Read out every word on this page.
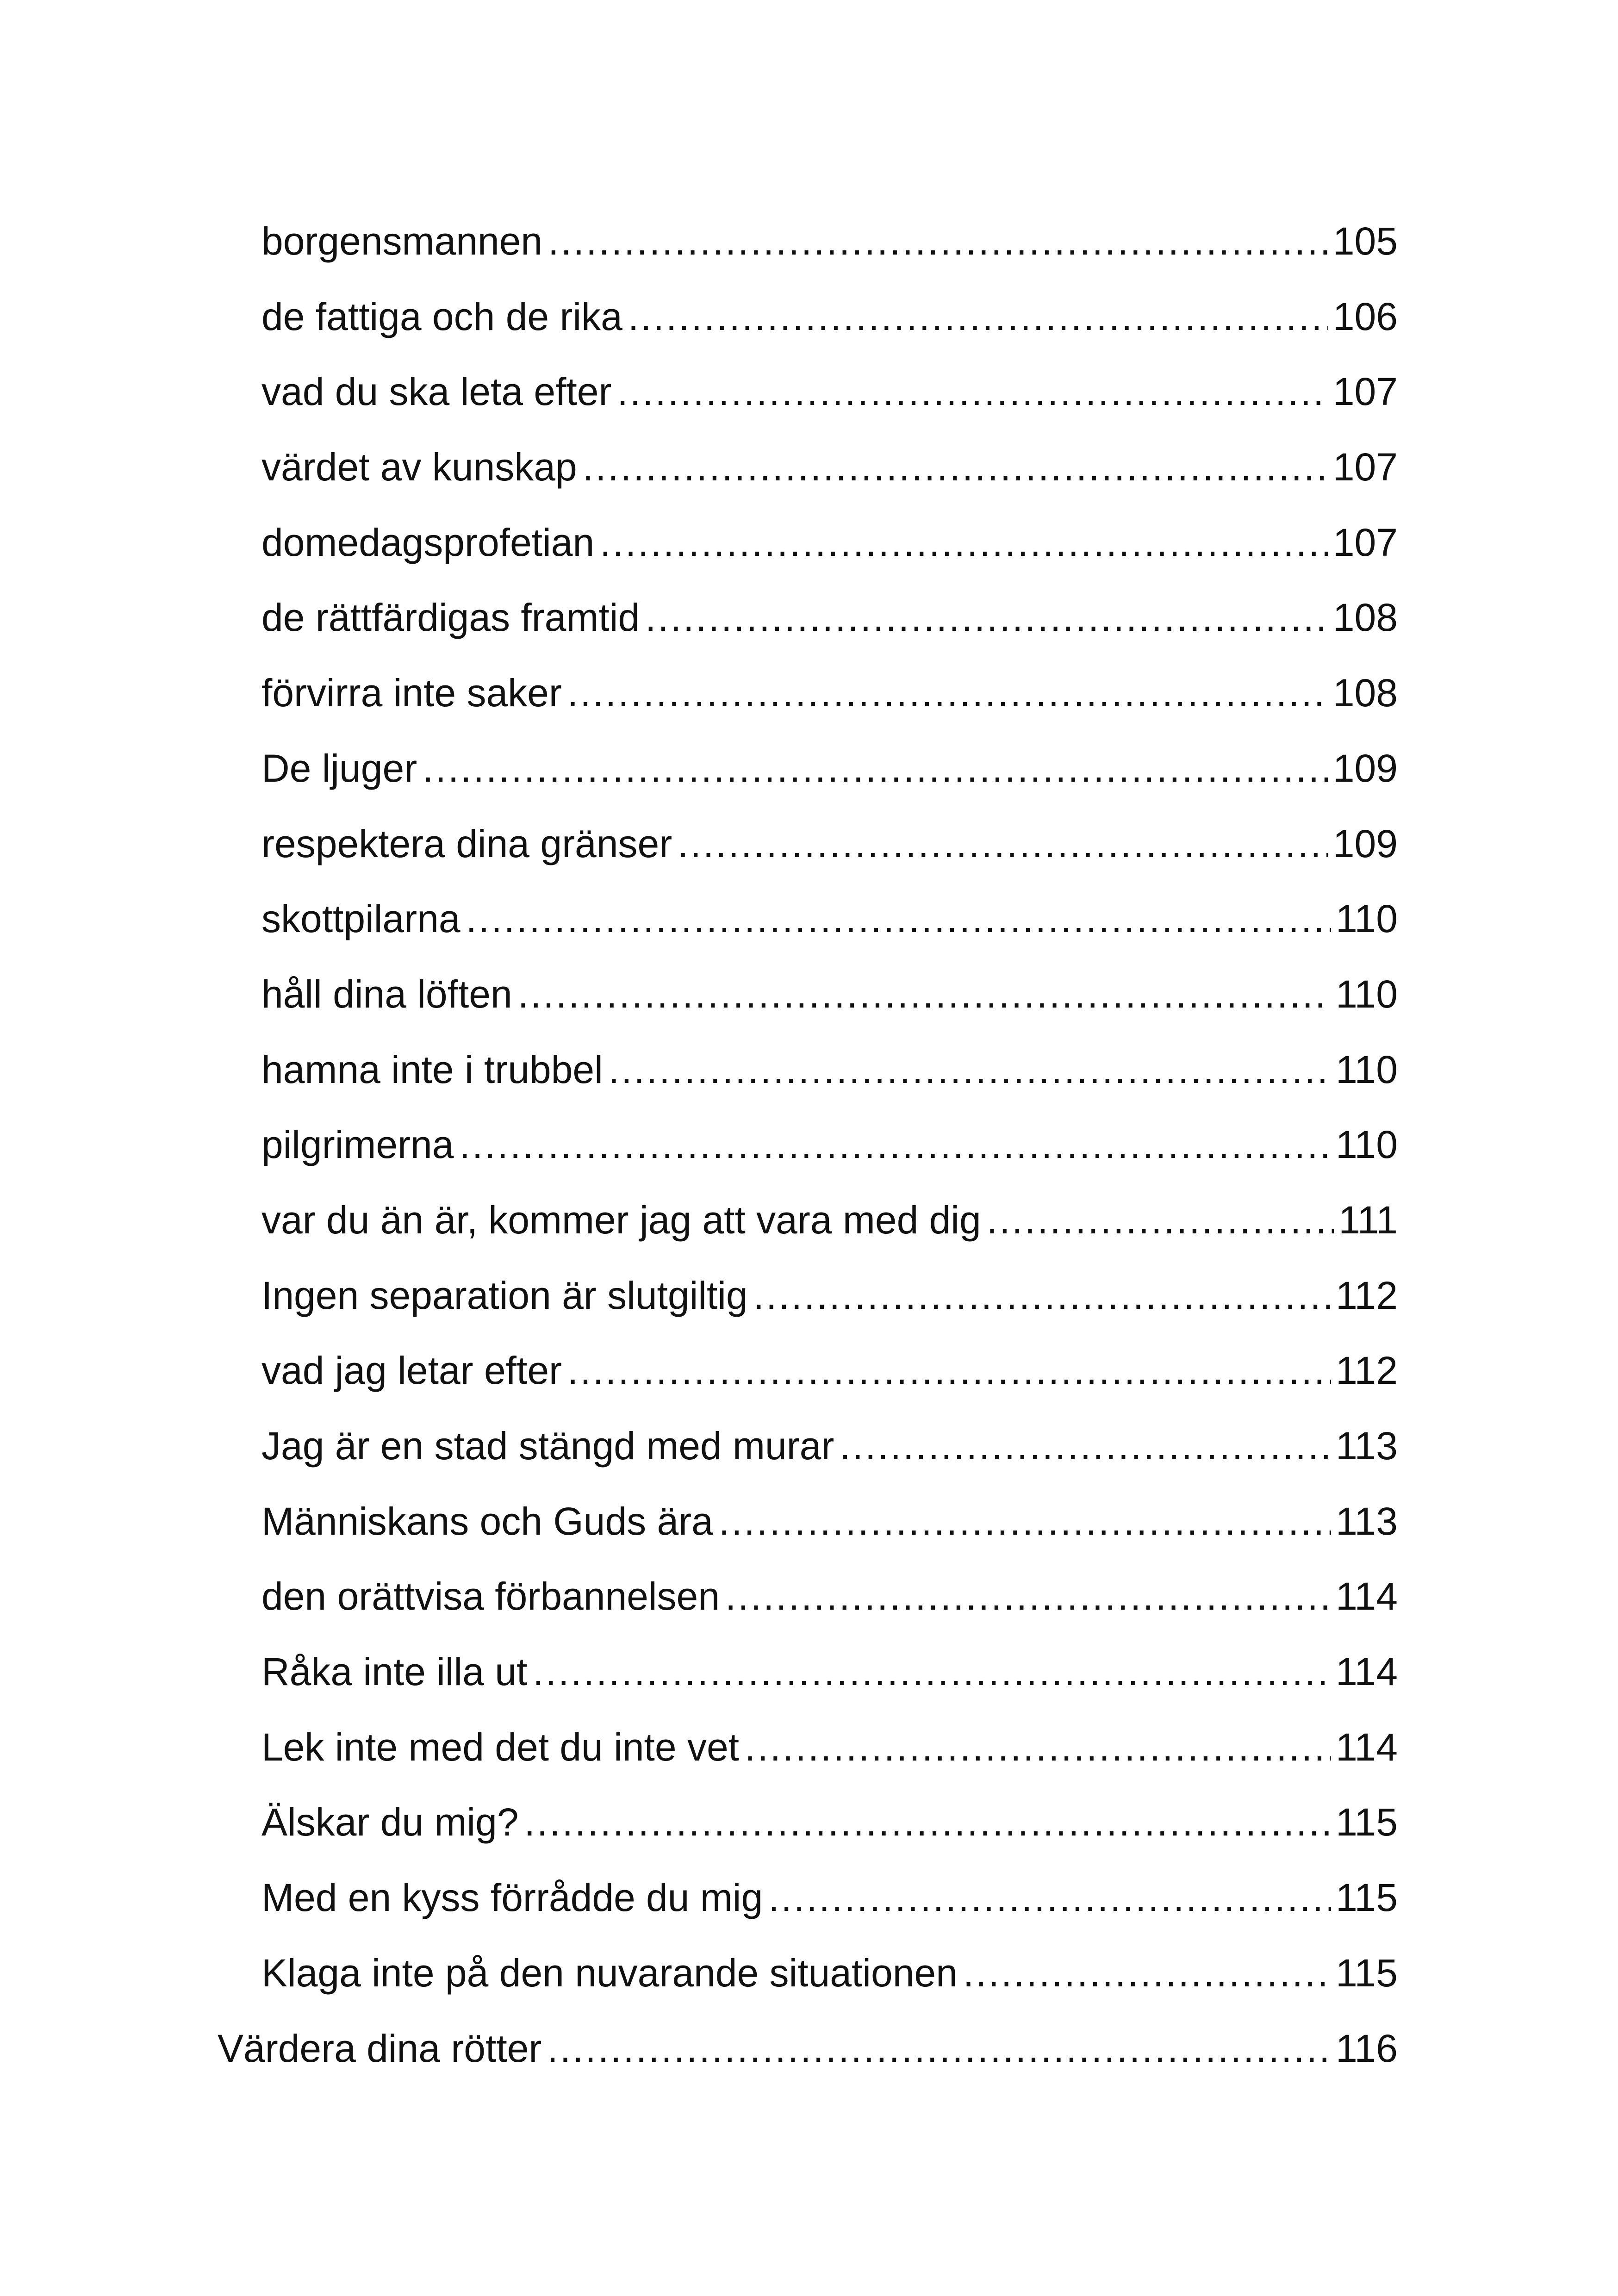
borgensmannen .....	105
de fattiga och de rika .....	106
vad du ska leta efter .....	107
värdet av kunskap .....	107
domedagsprofetian .....	107
de rättfärdigas framtid .....	108
förvirra inte saker .....	108
De ljuger .....	109
respektera dina gränser .....	109
skottpilarna .....	110
håll dina löften .....	110
hamna inte i trubbel .....	110
pilgrimerna .....	110
var du än är, kommer jag att vara med dig .....	111
Ingen separation är slutgiltig .....	112
vad jag letar efter .....	112
Jag är en stad stängd med murar .....	113
Människans och Guds ära .....	113
den orättvisa förbannelsen .....	114
Råka inte illa ut .....	114
Lek inte med det du inte vet .....	114
Älskar du mig? .....	115
Med en kyss förrådde du mig .....	115
Klaga inte på den nuvarande situationen .....	115
Värdera dina rötter .....	116
